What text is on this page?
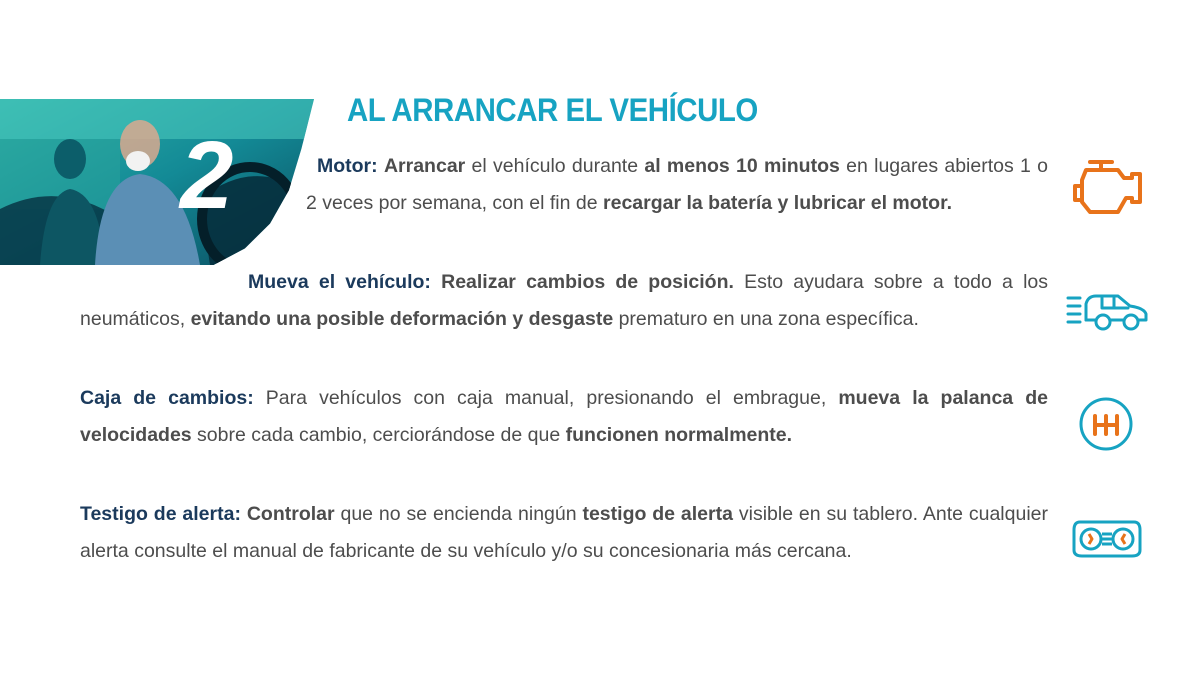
2
AL ARRANCAR EL VEHÍCULO
Motor: Arrancar el vehículo durante al menos 10 minutos en lugares abiertos 1 o 2 veces por semana, con el fin de recargar la batería y lubricar el motor.
Mueva el vehículo: Realizar cambios de posición. Esto ayudara sobre a todo a los neumáticos, evitando una posible deformación y desgaste prematuro en una zona específica.
Caja de cambios: Para vehículos con caja manual, presionando el embrague, mueva la palanca de velocidades sobre cada cambio, cerciorándose de que funcionen normalmente.
Testigo de alerta: Controlar que no se encienda ningún testigo de alerta visible en su tablero. Ante cualquier alerta consulte el manual de fabricante de su vehículo y/o su concesionaria más cercana.
